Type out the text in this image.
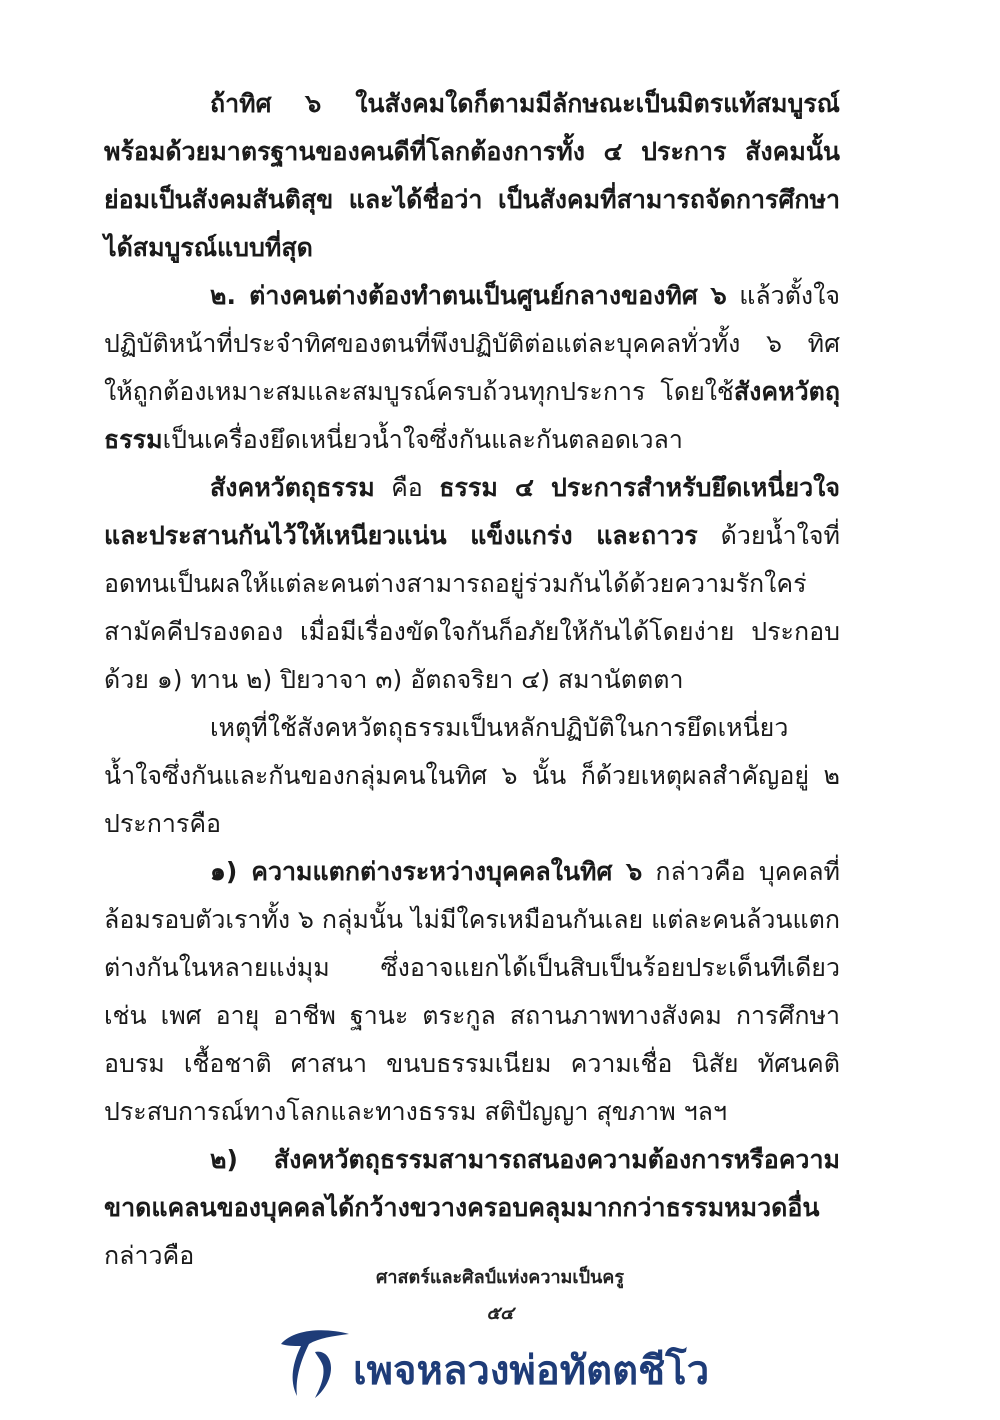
ถ้าทิศ ๖ ในสังคมใดก็ตามมีลักษณะเป็นมิตรแท้สมบูรณ์พร้อมด้วยมาตรฐานของคนดีที่โลกต้องการทั้ง ๔ ประการ สังคมนั้นย่อมเป็นสังคมสันติสุข และได้ชื่อว่า เป็นสังคมที่สามารถจัดการศึกษาได้สมบูรณ์แบบที่สุด

๒. ต่างคนต่างต้องทำตนเป็นศูนย์กลางของทิศ ๖ แล้วตั้งใจปฏิบัติหน้าที่ประจำทิศของตนที่พึงปฏิบัติต่อแต่ละบุคคลทั่วทั้ง ๖ ทิศ ให้ถูกต้องเหมาะสมและสมบูรณ์ครบถ้วนทุกประการ โดยใช้สังคหวัตถุธรรมเป็นเครื่องยึดเหนี่ยวน้ำใจซึ่งกันและกันตลอดเวลา

สังคหวัตถุธรรม คือ ธรรม ๔ ประการสำหรับยึดเหนี่ยวใจและประสานกันไว้ให้เหนียวแน่น แข็งแกร่ง และถาวร ด้วยน้ำใจที่อดทนเป็นผลให้แต่ละคนต่างสามารถอยู่ร่วมกันได้ด้วยความรักใคร่สามัคคีปรองดอง เมื่อมีเรื่องขัดใจกันก็อภัยให้กันได้โดยง่าย ประกอบด้วย ๑) ทาน ๒) ปิยวาจา ๓) อัตถจริยา ๔) สมานัตตตา

เหตุที่ใช้สังคหวัตถุธรรมเป็นหลักปฏิบัติในการยึดเหนี่ยวน้ำใจซึ่งกันและกันของกลุ่มคนในทิศ ๖ นั้น ก็ด้วยเหตุผลสำคัญอยู่ ๒ ประการคือ

๑) ความแตกต่างระหว่างบุคคลในทิศ ๖ กล่าวคือ บุคคลที่ล้อมรอบตัวเราทั้ง ๖ กลุ่มนั้น ไม่มีใครเหมือนกันเลย แต่ละคนล้วนแตกต่างกันในหลายแง่มุม ซึ่งอาจแยกได้เป็นสิบเป็นร้อยประเด็นทีเดียว เช่น เพศ อายุ อาชีพ ฐานะ ตระกูล สถานภาพทางสังคม การศึกษา อบรม เชื้อชาติ ศาสนา ขนบธรรมเนียม ความเชื่อ นิสัย ทัศนคติ ประสบการณ์ทางโลกและทางธรรม สติปัญญา สุขภาพ ฯลฯ

๒) สังคหวัตถุธรรมสามารถสนองความต้องการหรือความขาดแคลนของบุคคลได้กว้างขวางครอบคลุมมากกว่าธรรมหมวดอื่น กล่าวคือ

ศาสตร์และศิลป์แห่งความเป็นครู
๕๔
เพจหลวงพ่อทัตตชีโว
